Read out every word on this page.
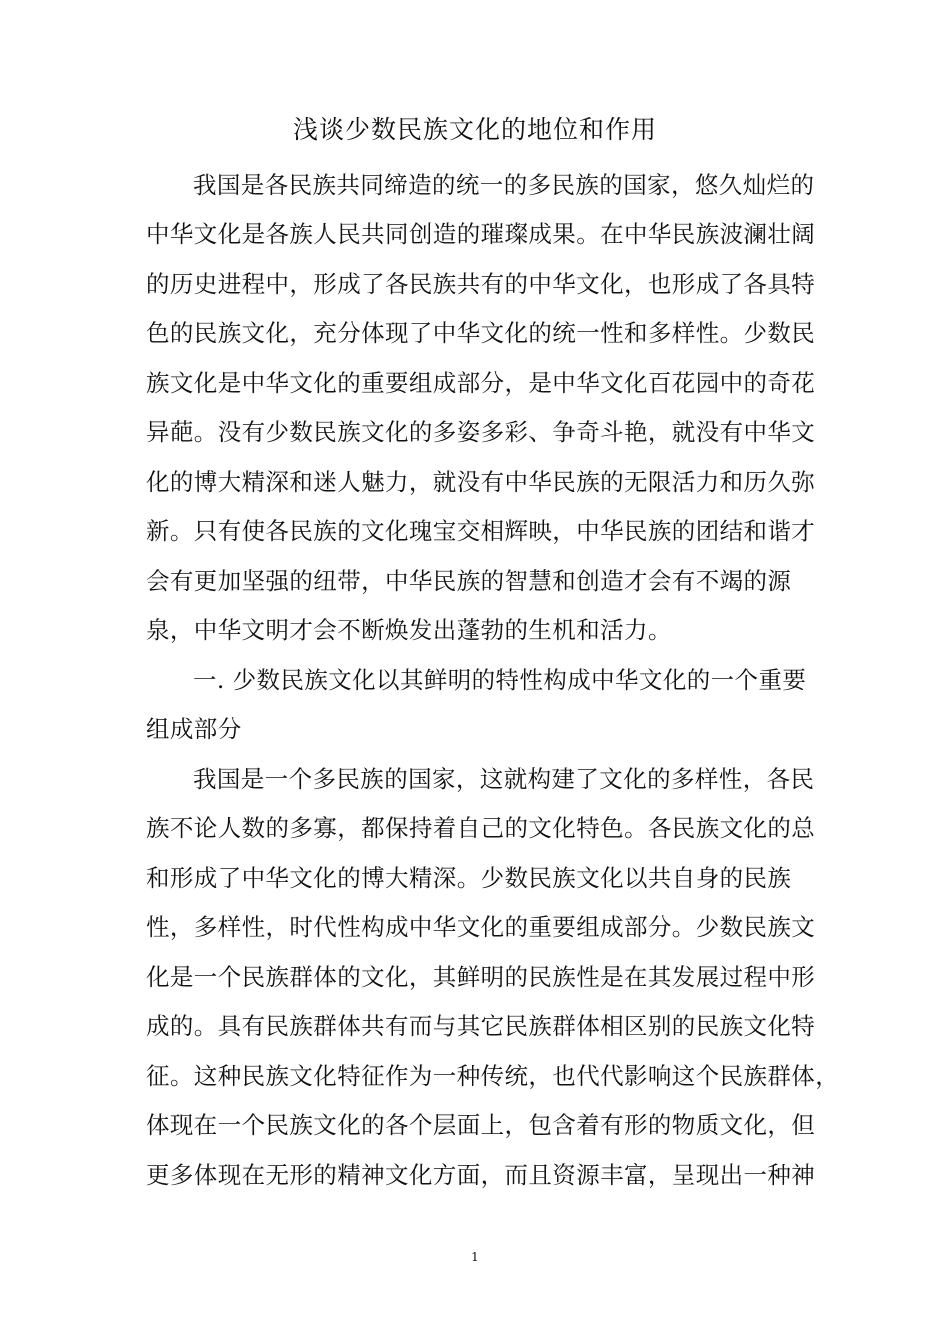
浅谈少数民族文化的地位和作用
我国是各民族共同缔造的统一的多民族的国家，悠久灿烂的
中华文化是各族人民共同创造的璀璨成果。在中华民族波澜壮阔
的历史进程中，形成了各民族共有的中华文化，也形成了各具特
色的民族文化，充分体现了中华文化的统一性和多样性。少数民
族文化是中华文化的重要组成部分，是中华文化百花园中的奇花
异葩。没有少数民族文化的多姿多彩、争奇斗艳，就没有中华文
化的博大精深和迷人魅力，就没有中华民族的无限活力和历久弥
新。只有使各民族的文化瑰宝交相辉映，中华民族的团结和谐才
会有更加坚强的纽带，中华民族的智慧和创造才会有不竭的源
泉，中华文明才会不断焕发出蓬勃的生机和活力。
一. 少数民族文化以其鲜明的特性构成中华文化的一个重要
组成部分
我国是一个多民族的国家，这就构建了文化的多样性，各民
族不论人数的多寡，都保持着自己的文化特色。各民族文化的总
和形成了中华文化的博大精深。少数民族文化以共自身的民族
性，多样性，时代性构成中华文化的重要组成部分。少数民族文
化是一个民族群体的文化，其鲜明的民族性是在其发展过程中形
成的。具有民族群体共有而与其它民族群体相区别的民族文化特
征。这种民族文化特征作为一种传统，也代代影响这个民族群体，
体现在一个民族文化的各个层面上，包含着有形的物质文化，但
更多体现在无形的精神文化方面，而且资源丰富，呈现出一种神
1
